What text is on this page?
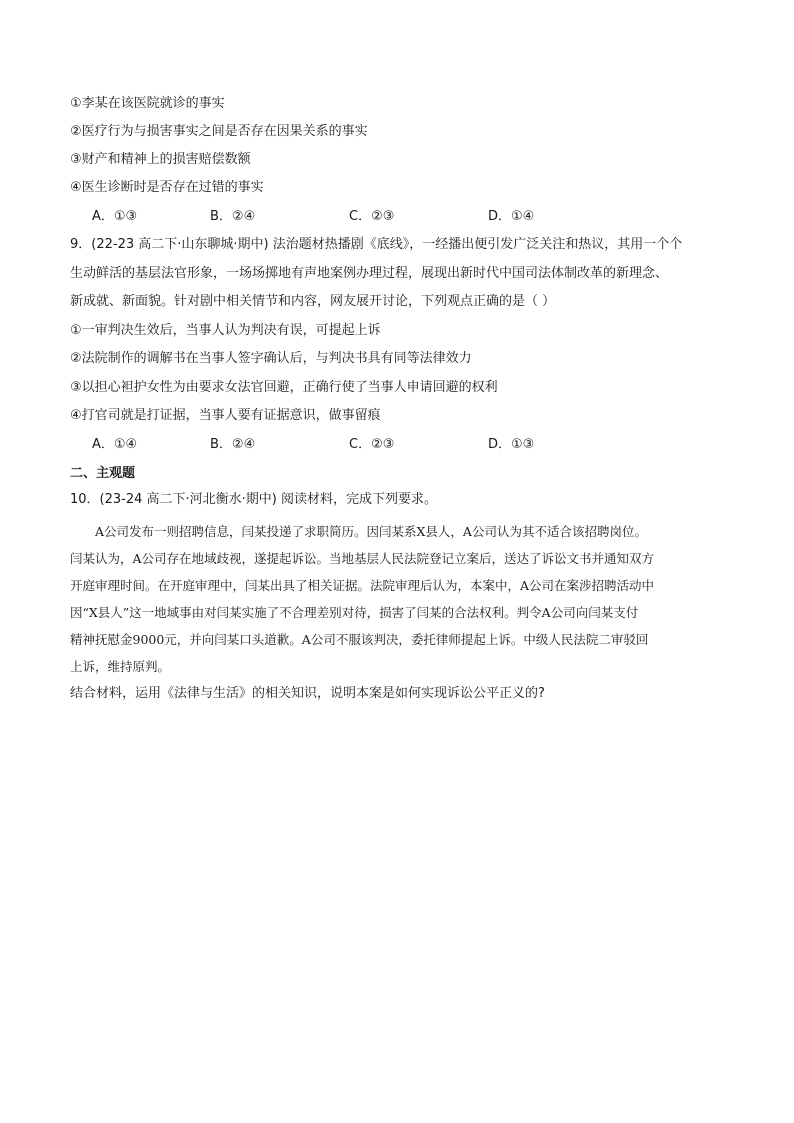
①李某在该医院就诊的事实
②医疗行为与损害事实之间是否存在因果关系的事实
③财产和精神上的损害赔偿数额
④医生诊断时是否存在过错的事实
A．①③	B．②④	C．②③	D．①④
9．(22-23 高二下·山东聊城·期中) 法治题材热播剧《底线》，一经播出便引发广泛关注和热议，其用一个个
生动鲜活的基层法官形象，一场场掷地有声地案例办理过程，展现出新时代中国司法体制改革的新理念、
新成就、新面貌。针对剧中相关情节和内容，网友展开讨论，下列观点正确的是（ ）
①一审判决生效后，当事人认为判决有误，可提起上诉
②法院制作的调解书在当事人签字确认后，与判决书具有同等法律效力
③以担心袒护女性为由要求女法官回避，正确行使了当事人申请回避的权利
④打官司就是打证据，当事人要有证据意识，做事留痕
A．①④	B．②④	C．②③	D．①③
二、主观题
10．(23-24 高二下·河北衡水·期中) 阅读材料，完成下列要求。

A公司发布一则招聘信息，闫某投递了求职简历。因闫某系X县人，A公司认为其不适合该招聘岗位。

闫某认为，A公司存在地域歧视，遂提起诉讼。当地基层人民法院登记立案后，送达了诉讼文书并通知双方

开庭审理时间。在开庭审理中，闫某出具了相关证据。法院审理后认为，本案中，A公司在案涉招聘活动中

因“X县人”这一地域事由对闫某实施了不合理差别对待，损害了闫某的合法权利。判令A公司向闫某支付

精神抚慰金9000元，并向闫某口头道歉。A公司不服该判决，委托律师提起上诉。中级人民法院二审驳回

上诉，维持原判。

结合材料，运用《法律与生活》的相关知识，说明本案是如何实现诉讼公平正义的?
